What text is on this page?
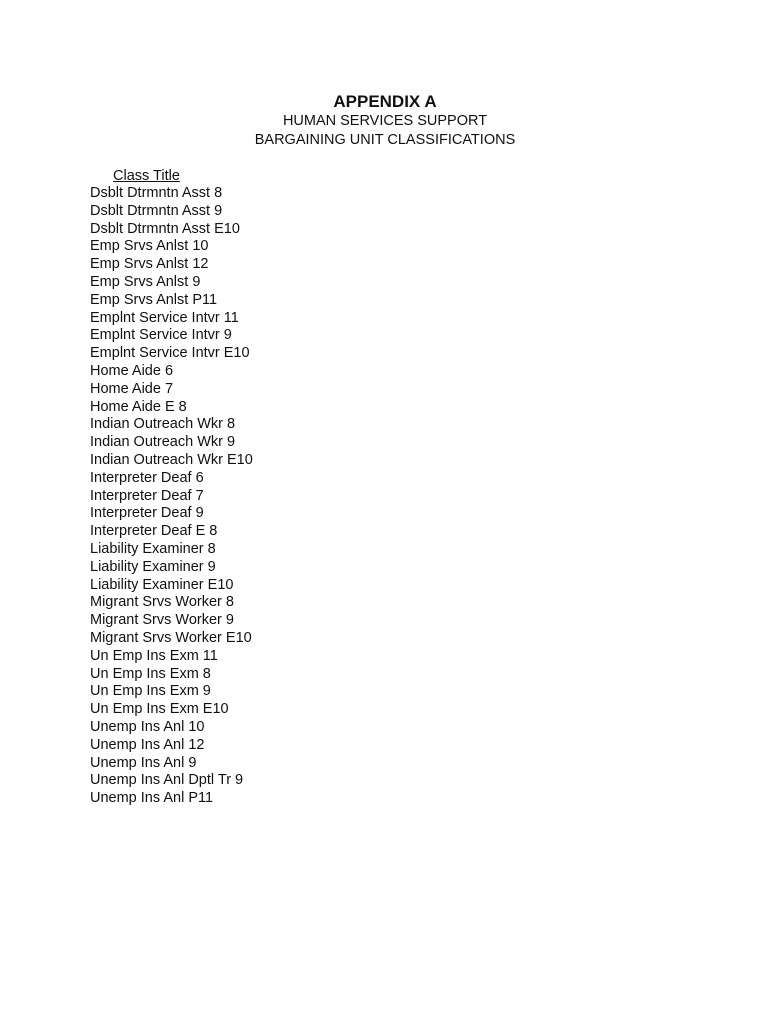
APPENDIX A

HUMAN SERVICES SUPPORT

BARGAINING UNIT CLASSIFICATIONS

Class Title
Dsblt Dtrmntn Asst 8
Dsblt Dtrmntn Asst 9
Dsblt Dtrmntn Asst E10
Emp Srvs Anlst 10
Emp Srvs Anlst 12
Emp Srvs Anlst 9
Emp Srvs Anlst P11
Emplnt Service Intvr 11
Emplnt Service Intvr 9
Emplnt Service Intvr E10
Home Aide 6
Home Aide 7
Home Aide E 8
Indian Outreach Wkr 8
Indian Outreach Wkr 9
Indian Outreach Wkr E10
Interpreter Deaf 6
Interpreter Deaf 7
Interpreter Deaf 9
Interpreter Deaf E 8
Liability Examiner 8
Liability Examiner 9
Liability Examiner E10
Migrant Srvs Worker 8
Migrant Srvs Worker 9
Migrant Srvs Worker E10
Un Emp Ins Exm 11
Un Emp Ins Exm 8
Un Emp Ins Exm 9
Un Emp Ins Exm E10
Unemp Ins Anl 10
Unemp Ins Anl 12
Unemp Ins Anl 9
Unemp Ins Anl Dptl Tr 9
Unemp Ins Anl P11
